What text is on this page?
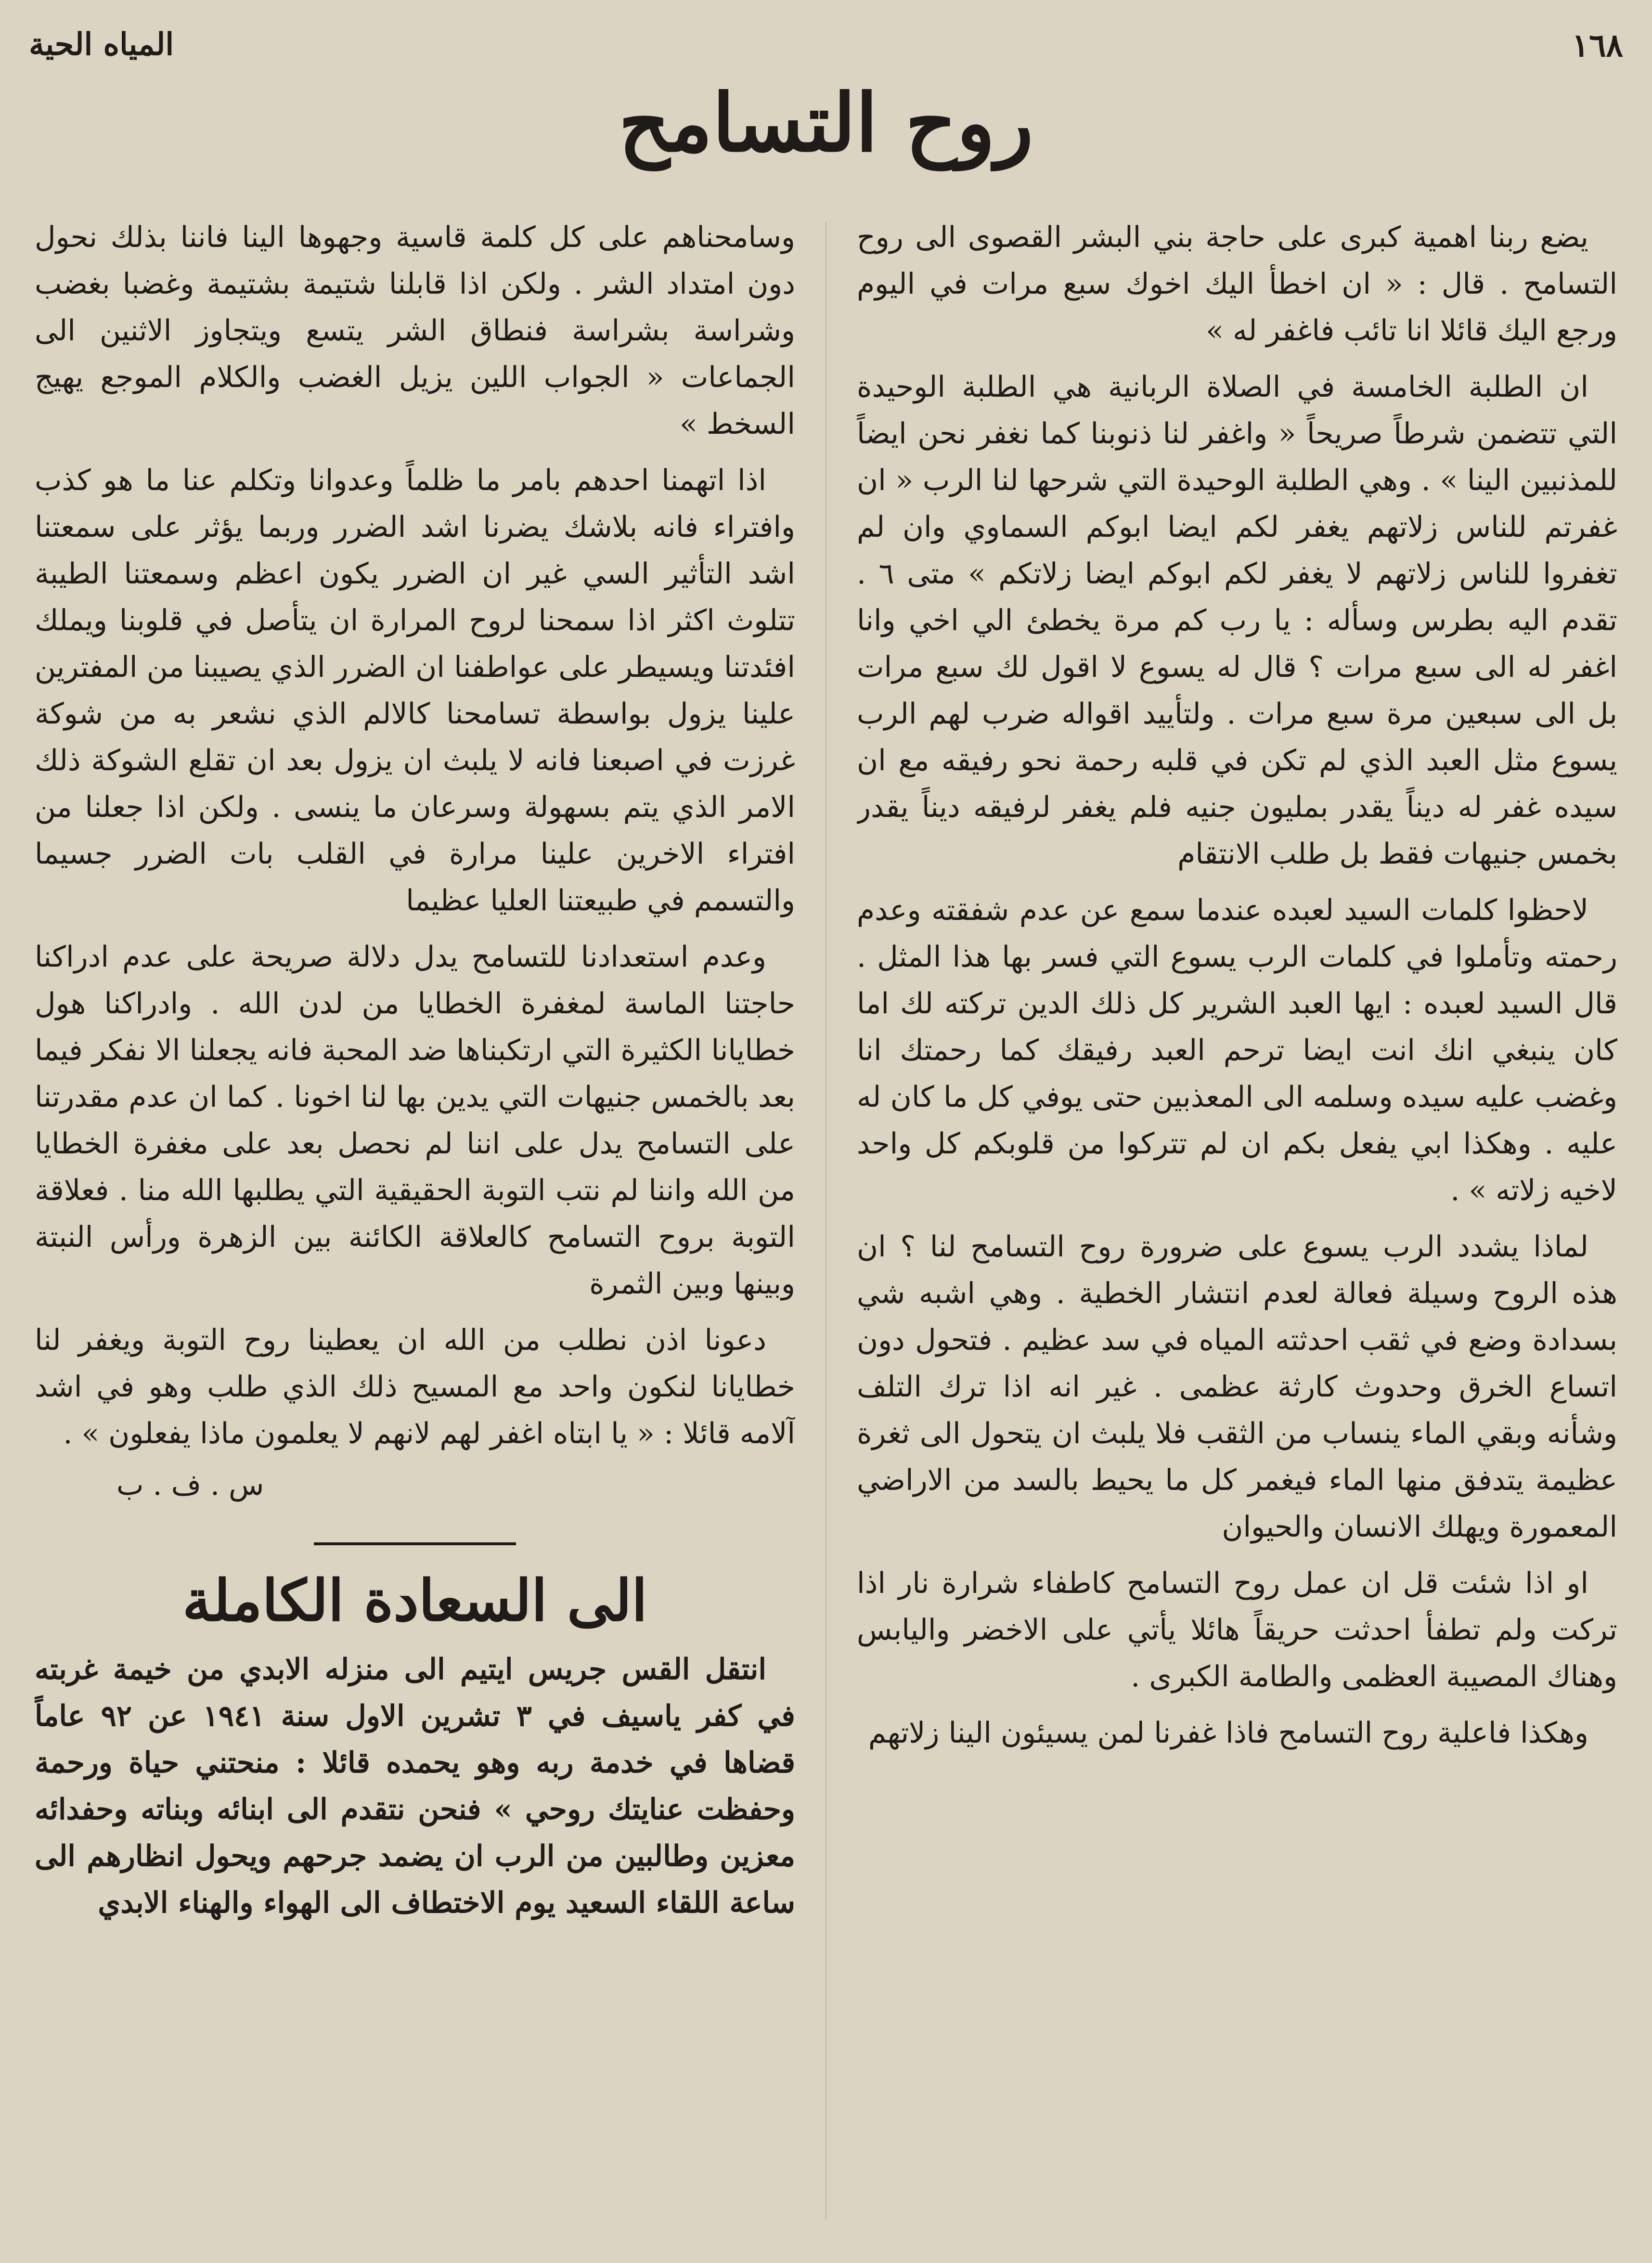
١٦٨
المياه الحية
روح التسامح

يضع ربنا اهمية كبرى على حاجة بني البشر القصوى الى روح التسامح . قال : « ان اخطأ اليك اخوك سبع مرات في اليوم ورجع اليك قائلا انا تائب فاغفر له »

ان الطلبة الخامسة في الصلاة الربانية هي الطلبة الوحيدة التي تتضمن شرطاً صريحاً « واغفر لنا ذنوبنا كما نغفر نحن ايضاً للمذنبين الينا » . وهي الطلبة الوحيدة التي شرحها لنا الرب « ان غفرتم للناس زلاتهم يغفر لكم ايضا ابوكم السماوي وان لم تغفروا للناس زلاتهم لا يغفر لكم ابوكم ايضا زلاتكم » متى ٦ . تقدم اليه بطرس وسأله : يا رب كم مرة يخطئ الي اخي وانا اغفر له الى سبع مرات ؟ قال له يسوع لا اقول لك سبع مرات بل الى سبعين مرة سبع مرات . ولتأييد اقواله ضرب لهم الرب يسوع مثل العبد الذي لم تكن في قلبه رحمة نحو رفيقه مع ان سيده غفر له ديناً يقدر بمليون جنيه فلم يغفر لرفيقه ديناً يقدر بخمس جنيهات فقط بل طلب الانتقام

لاحظوا كلمات السيد لعبده عندما سمع عن عدم شفقته وعدم رحمته وتأملوا في كلمات الرب يسوع التي فسر بها هذا المثل . قال السيد لعبده : ايها العبد الشرير كل ذلك الدين تركته لك اما كان ينبغي انك انت ايضا ترحم العبد رفيقك كما رحمتك انا وغضب عليه سيده وسلمه الى المعذبين حتى يوفي كل ما كان له عليه . وهكذا ابي يفعل بكم ان لم تتركوا من قلوبكم كل واحد لاخيه زلاته » .

لماذا يشدد الرب يسوع على ضرورة روح التسامح لنا ؟ ان هذه الروح وسيلة فعالة لعدم انتشار الخطية . وهي اشبه شي بسدادة وضع في ثقب احدثته المياه في سد عظيم . فتحول دون اتساع الخرق وحدوث كارثة عظمى . غير انه اذا ترك التلف وشأنه وبقي الماء ينساب من الثقب فلا يلبث ان يتحول الى ثغرة عظيمة يتدفق منها الماء فيغمر كل ما يحيط بالسد من الاراضي المعمورة ويهلك الانسان والحيوان

او اذا شئت قل ان عمل روح التسامح كاطفاء شرارة نار اذا تركت ولم تطفأ احدثت حريقاً هائلا يأتي على الاخضر واليابس وهناك المصيبة العظمى والطامة الكبرى .

وهكذا فاعلية روح التسامح فاذا غفرنا لمن يسيئون الينا زلاتهم

وسامحناهم على كل كلمة قاسية وجهوها الينا فاننا بذلك نحول دون امتداد الشر . ولكن اذا قابلنا شتيمة بشتيمة وغضبا بغضب وشراسة بشراسة فنطاق الشر يتسع ويتجاوز الاثنين الى الجماعات « الجواب اللين يزيل الغضب والكلام الموجع يهيج السخط »

اذا اتهمنا احدهم بامر ما ظلماً وعدوانا وتكلم عنا ما هو كذب وافتراء فانه بلاشك يضرنا اشد الضرر وربما يؤثر على سمعتنا اشد التأثير السي غير ان الضرر يكون اعظم وسمعتنا الطيبة تتلوث اكثر اذا سمحنا لروح المرارة ان يتأصل في قلوبنا ويملك افئدتنا ويسيطر على عواطفنا ان الضرر الذي يصيبنا من المفترين علينا يزول بواسطة تسامحنا كالالم الذي نشعر به من شوكة غرزت في اصبعنا فانه لا يلبث ان يزول بعد ان تقلع الشوكة ذلك الامر الذي يتم بسهولة وسرعان ما ينسى . ولكن اذا جعلنا من افتراء الاخرين علينا مرارة في القلب بات الضرر جسيما والتسمم في طبيعتنا العليا عظيما

وعدم استعدادنا للتسامح يدل دلالة صريحة على عدم ادراكنا حاجتنا الماسة لمغفرة الخطايا من لدن الله . وادراكنا هول خطايانا الكثيرة التي ارتكبناها ضد المحبة فانه يجعلنا الا نفكر فيما بعد بالخمس جنيهات التي يدين بها لنا اخونا . كما ان عدم مقدرتنا على التسامح يدل على اننا لم نحصل بعد على مغفرة الخطايا من الله واننا لم نتب التوبة الحقيقية التي يطلبها الله منا . فعلاقة التوبة بروح التسامح كالعلاقة الكائنة بين الزهرة ورأس النبتة وبينها وبين الثمرة

دعونا اذن نطلب من الله ان يعطينا روح التوبة ويغفر لنا خطايانا لنكون واحد مع المسيح ذلك الذي طلب وهو في اشد آلامه قائلا : « يا ابتاه اغفر لهم لانهم لا يعلمون ماذا يفعلون » .

س . ف . ب
الى السعادة الكاملة

انتقل القس جريس ايتيم الى منزله الابدي من خيمة غربته في كفر ياسيف في ٣ تشرين الاول سنة ١٩٤١ عن ٩٢ عاماً قضاها في خدمة ربه وهو يحمده قائلا : منحتني حياة ورحمة وحفظت عنايتك روحي » فنحن نتقدم الى ابنائه وبناته وحفدائه معزين وطالبين من الرب ان يضمد جرحهم ويحول انظارهم الى ساعة اللقاء السعيد يوم الاختطاف الى الهواء والهناء الابدي
